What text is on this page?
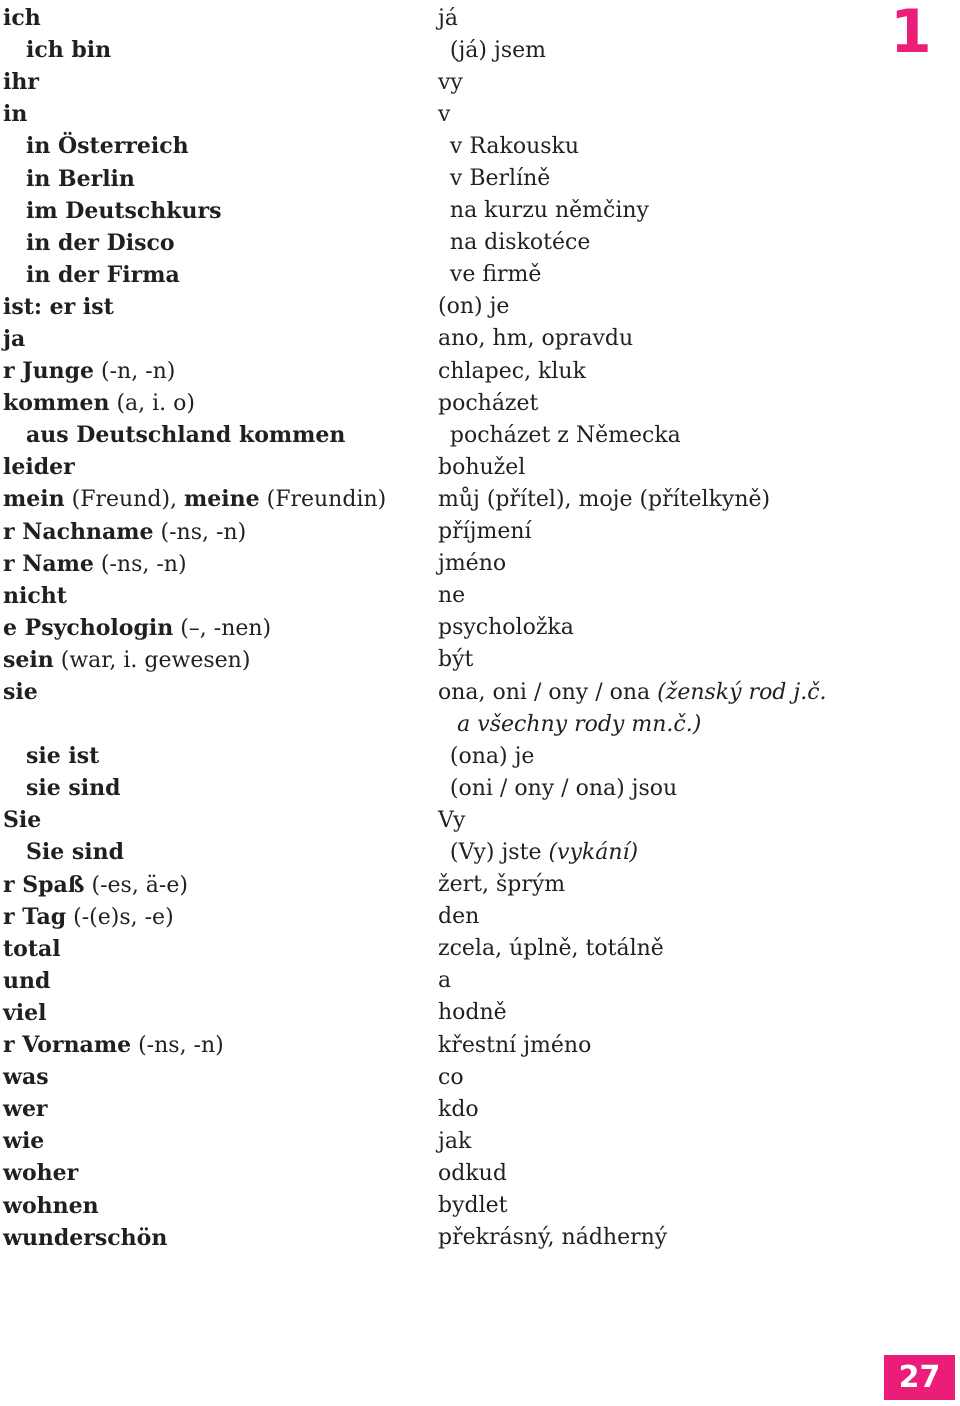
1
ich	já
ich bin	(já) jsem
ihr	vy
in	v
in Österreich	v Rakousku
in Berlin	v Berlíně
im Deutschkurs	na kurzu němčiny
in der Disco	na diskotéce
in der Firma	ve firmě
ist: er ist	(on) je
ja	ano, hm, opravdu
r Junge (-n, -n)	chlapec, kluk
kommen (a, i. o)	pocházet
aus Deutschland kommen	pocházet z Německa
leider	bohužel
mein (Freund), meine (Freundin)	můj (přítel), moje (přítelkyně)
r Nachname (-ns, -n)	příjmení
r Name (-ns, -n)	jméno
nicht	ne
e Psychologin (–, -nen)	psycholožka
sein (war, i. gewesen)	být
sie	ona, oni / ony / ona (ženský rod j.č.
a všechny rody mn.č.)
sie ist	(ona) je
sie sind	(oni / ony / ona) jsou
Sie	Vy
Sie sind	(Vy) jste (vykání)
r Spaß (-es, ä-e)	žert, šprým
r Tag (-(e)s, -e)	den
total	zcela, úplně, totálně
und	a
viel	hodně
r Vorname (-ns, -n)	křestní jméno
was	co
wer	kdo
wie	jak
woher	odkud
wohnen	bydlet
wunderschön	překrásný, nádherný
27
